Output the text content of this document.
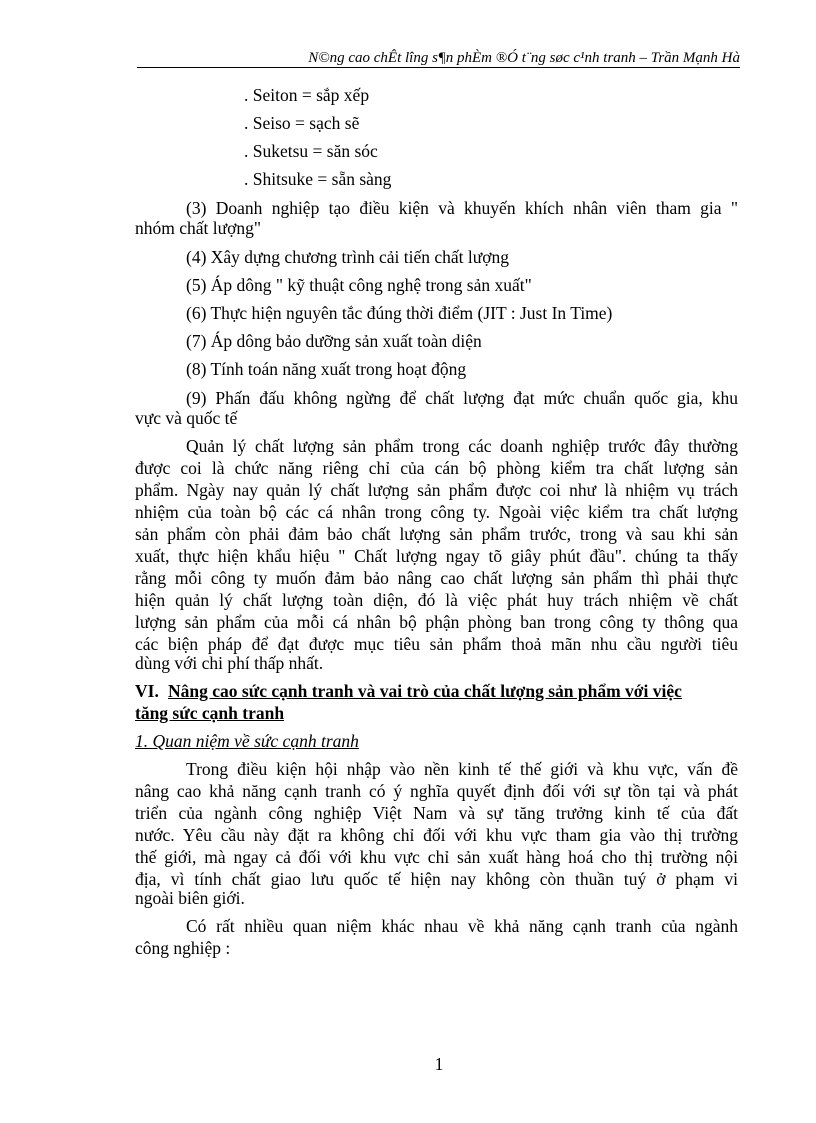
N©ng cao chÊt lîng s¶n phÈm ®Ó t¨ng søc c¹nh tranh – Trần Mạnh Hà
. Seiton = sắp xếp
. Seiso = sạch sẽ
. Suketsu = săn sóc
. Shitsuke = sẵn sàng
(3) Doanh nghiệp tạo điều kiện và khuyến khích nhân viên tham gia "
nhóm chất lượng"
(4) Xây dựng chương trình cải tiến chất lượng
(5) Áp dông " kỹ thuật công nghệ trong sản xuất"
(6) Thực hiện nguyên tắc đúng thời điểm (JIT : Just In Time)
(7) Áp dông bảo dưỡng sản xuất toàn diện
(8) Tính toán năng xuất trong hoạt động
(9) Phấn đấu không ngừng để chất lượng đạt mức chuẩn quốc gia, khu
vực và quốc tế
Quản lý chất lượng sản phẩm trong các doanh nghiệp trước đây thường
được coi là chức năng riêng chỉ của cán bộ phòng kiểm tra chất lượng sản
phẩm. Ngày nay quản lý chất lượng sản phẩm được coi như là nhiệm vụ trách
nhiệm của toàn bộ các cá nhân trong công ty. Ngoài việc kiểm tra chất lượng
sản phẩm còn phải đảm bảo chất lượng sản phẩm trước, trong và sau khi sản
xuất, thực hiện khẩu hiệu " Chất lượng ngay tõ giây phút đầu". chúng ta thấy
rằng mỗi công ty muốn đảm bảo nâng cao chất lượng sản phẩm thì phải thực
hiện quản lý chất lượng toàn diện, đó là việc phát huy trách nhiệm về chất
lượng sản phẩm của mỗi cá nhân bộ phận phòng ban trong công ty thông qua
các biện pháp để đạt được mục tiêu sản phẩm thoả mãn nhu cầu người tiêu
dùng với chi phí thấp nhất.
VI. Nâng cao sức cạnh tranh và vai trò của chất lượng sản phẩm với việc
tăng sức cạnh tranh
1. Quan niệm về sức cạnh tranh
Trong điều kiện hội nhập vào nền kinh tế thế giới và khu vực, vấn đề
nâng cao khả năng cạnh tranh có ý nghĩa quyết định đối với sự tồn tại và phát
triển của ngành công nghiệp Việt Nam và sự tăng trưởng kinh tế của đất
nước. Yêu cầu này đặt ra không chỉ đối với khu vực tham gia vào thị trường
thế giới, mà ngay cả đối với khu vực chỉ sản xuất hàng hoá cho thị trường nội
địa, vì tính chất giao lưu quốc tế hiện nay không còn thuần tuý ở phạm vi
ngoài biên giới.
Có rất nhiều quan niệm khác nhau về khả năng cạnh tranh của ngành
công nghiệp :
1
